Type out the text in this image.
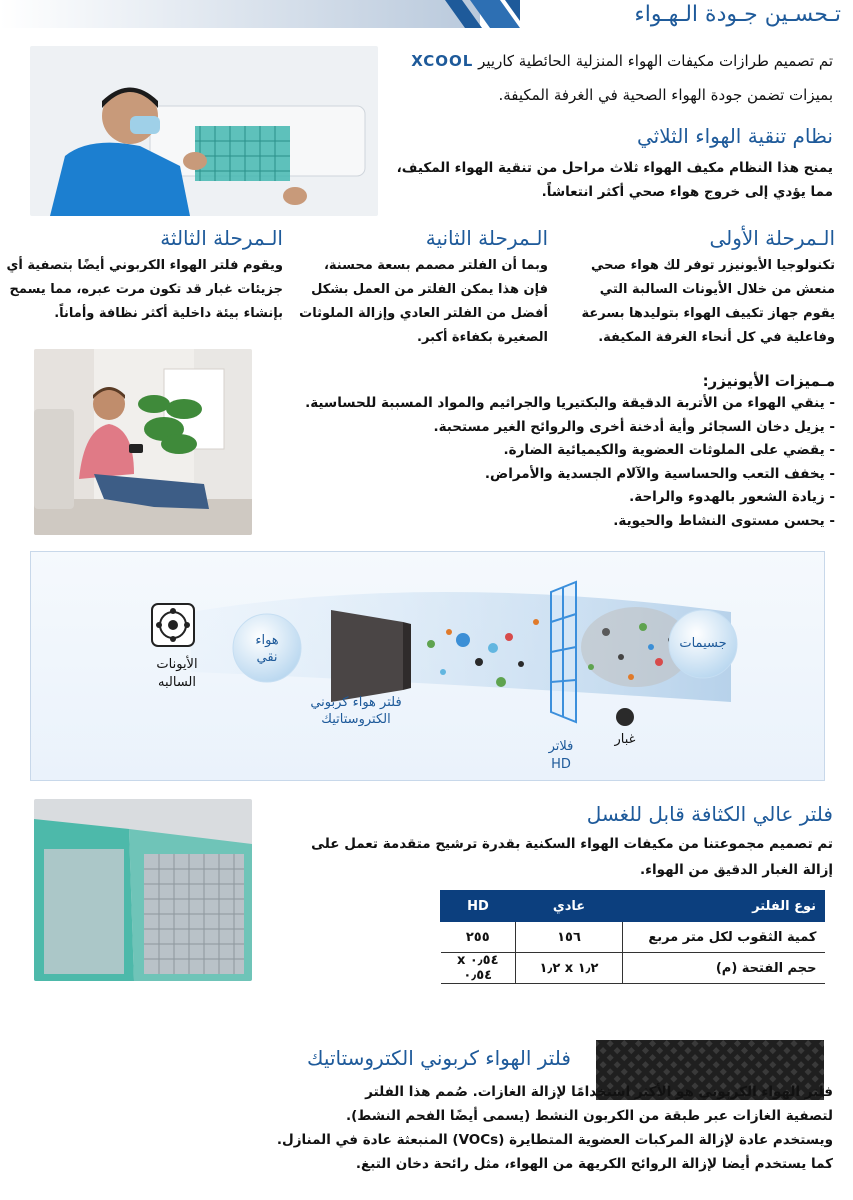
تـحسـين جـودة الـهـواء
تم تصميم طرازات مكيفات الهواء المنزلية الحائطية كاريير XCOOL
بميزات تضمن جودة الهواء الصحية في الغرفة المكيفة.
نظام تنقية الهواء الثلاثي
يمنح هذا النظام مكيف الهواء ثلاث مراحل من تنقية الهواء المكيف،
مما يؤدي إلى خروج هواء صحي أكثر انتعاشاً.
الـمرحلة الأولى
تكنولوجيا الأيونيزر توفر لك هواء صحي
منعش من خلال الأيونات السالبة التي
يقوم جهاز تكييف الهواء بتوليدها بسرعة
وفاعلية في كل أنحاء الغرفة المكيفة.
الـمرحلة الثانية
وبما أن الفلتر مصمم بسعة محسنة،
فإن هذا يمكن الفلتر من العمل بشكل
أفضل من الفلتر العادي وإزالة الملوثات
الصغيرة بكفاءة أكبر.
الـمرحلة الثالثة
ويقوم فلتر الهواء الكربوني أيضًا بتصفية أي
جزيئات غبار قد تكون مرت عبره، مما يسمح
بإنشاء بيئة داخلية أكثر نظافة وأماناً.
مـميزات الأيونيزر:
- ينقي الهواء من الأتربة الدقيقة والبكتيريا والجراثيم والمواد المسببة للحساسية.
- يزيل دخان السجائر وأية أدخنة أخرى والروائح الغير مستحبة.
- يقضي على الملوثات العضوية والكيميائية الضارة.
- يخفف التعب والحساسية والآلام الجسدية والأمراض.
- زيادة الشعور بالهدوء والراحة.
- يحسن مستوى النشاط والحيوية.
الأيونات السالبه
هواء نقي
فلتر هواء كربوني الكتروستاتيك
فلاتر HD
غبار
جسيمات
فلتر عالي الكثافة قابل للغسل
تم تصميم مجموعتنا من مكيفات الهواء السكنية بقدرة ترشيح متقدمة تعمل على
إزالة الغبار الدقيق من الهواء.
نوع الفلتر	عادي	HD
كمية الثقوب لكل متر مربع	١٥٦	٢٥٥
حجم الفتحة (م)	١٫٢ x ١٫٢	٠٫٥٤ x ٠٫٥٤
فلتر الهواء كربوني الكتروستاتيك
فلتر الهواء الكربوني هو الأكثر استخدامًا لإزالة الغازات. صُمم هذا الفلتر
لتصفية الغازات عبر طبقة من الكربون النشط (يسمى أيضًا الفحم النشط).
ويستخدم عادة لإزالة المركبات العضوية المتطايرة (VOCs) المنبعثة عادة في المنازل.
كما يستخدم أيضا لإزالة الروائح الكريهة من الهواء، مثل رائحة دخان التبغ.
